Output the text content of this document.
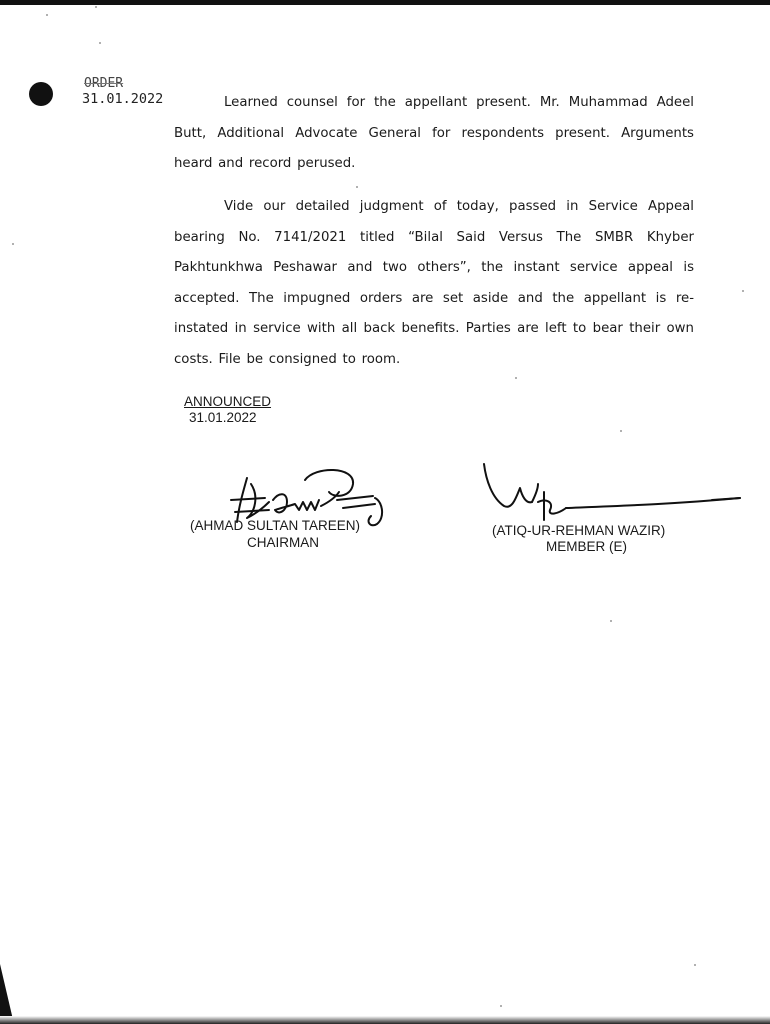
ORDER
31.01.2022	Learned counsel for the appellant present. Mr. Muhammad Adeel Butt, Additional Advocate General for respondents present. Arguments heard and record perused.
Vide our detailed judgment of today, passed in Service Appeal bearing No. 7141/2021 titled “Bilal Said Versus The SMBR Khyber Pakhtunkhwa Peshawar and two others”, the instant service appeal is accepted. The impugned orders are set aside and the appellant is re-instated in service with all back benefits. Parties are left to bear their own costs. File be consigned to room.
ANNOUNCED
31.01.2022
(AHMAD SULTAN TAREEN)
CHAIRMAN
(ATIQ-UR-REHMAN WAZIR)
MEMBER (E)
